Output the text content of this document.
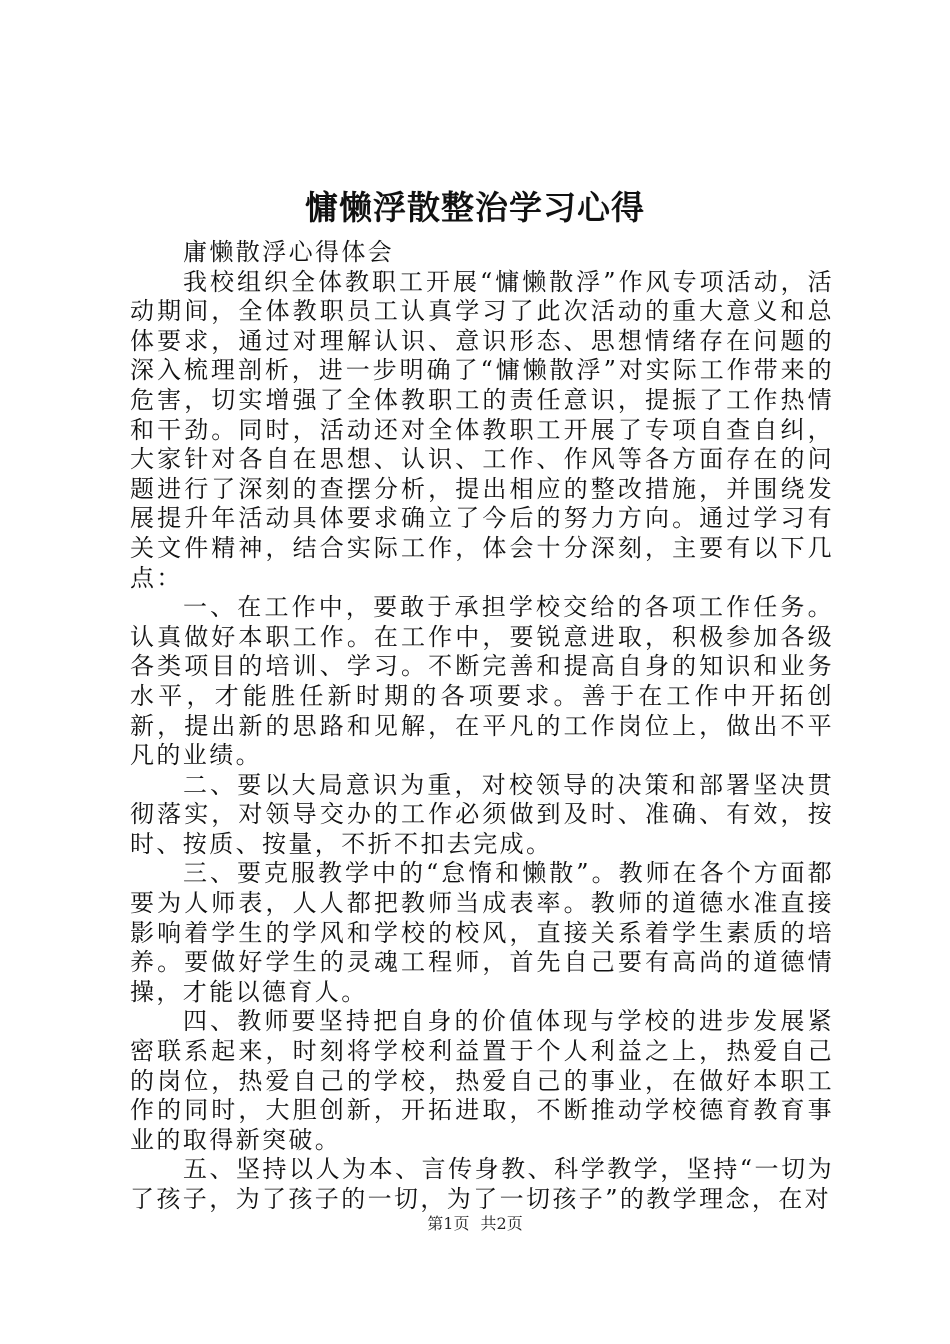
慵懒浮散整治学习心得

庸懒散浮心得体会

我校组织全体教职工开展“慵懒散浮”作风专项活动，活动期间，全体教职员工认真学习了此次活动的重大意义和总体要求，通过对理解认识、意识形态、思想情绪存在问题的深入梳理剖析，进一步明确了“慵懒散浮”对实际工作带来的危害，切实增强了全体教职工的责任意识，提振了工作热情和干劲。同时，活动还对全体教职工开展了专项自查自纠，大家针对各自在思想、认识、工作、作风等各方面存在的问题进行了深刻的查摆分析，提出相应的整改措施，并围绕发展提升年活动具体要求确立了今后的努力方向。通过学习有关文件精神，结合实际工作，体会十分深刻，主要有以下几点：

一、在工作中，要敢于承担学校交给的各项工作任务。认真做好本职工作。在工作中，要锐意进取，积极参加各级各类项目的培训、学习。不断完善和提高自身的知识和业务水平，才能胜任新时期的各项要求。善于在工作中开拓创新，提出新的思路和见解，在平凡的工作岗位上，做出不平凡的业绩。

二、要以大局意识为重，对校领导的决策和部署坚决贯彻落实，对领导交办的工作必须做到及时、准确、有效，按时、按质、按量，不折不扣去完成。

三、要克服教学中的“怠惰和懒散”。教师在各个方面都要为人师表，人人都把教师当成表率。教师的道德水准直接影响着学生的学风和学校的校风，直接关系着学生素质的培养。要做好学生的灵魂工程师，首先自己要有高尚的道德情操，才能以德育人。

四、教师要坚持把自身的价值体现与学校的进步发展紧密联系起来，时刻将学校利益置于个人利益之上，热爱自己的岗位，热爱自己的学校，热爱自己的事业，在做好本职工作的同时，大胆创新，开拓进取，不断推动学校德育教育事业的取得新突破。

五、坚持以人为本、言传身教、科学教学，坚持“一切为了孩子，为了孩子的一切，为了一切孩子”的教学理念，在对

第1页 共2页
